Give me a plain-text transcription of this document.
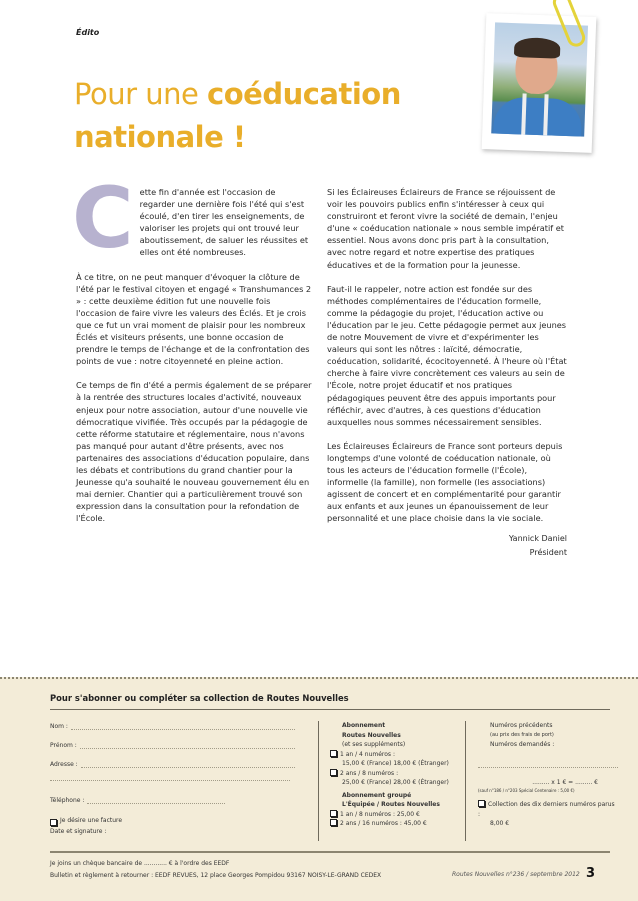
Édito
Pour une coéducation
nationale !

Cette fin d'année est l'occasion de regarder une dernière fois l'été qui s'est écoulé, d'en tirer les enseignements, de valoriser les projets qui ont trouvé leur aboutissement, de saluer les réussites et elles ont été nombreuses.

À ce titre, on ne peut manquer d'évoquer la clôture de l'été par le festival citoyen et engagé « Transhumances 2 » : cette deuxième édition fut une nouvelle fois l'occasion de faire vivre les valeurs des Éclés. Et je crois que ce fut un vrai moment de plaisir pour les nombreux Éclés et visiteurs présents, une bonne occasion de prendre le temps de l'échange et de la confrontation des points de vue : notre citoyenneté en pleine action.

Ce temps de fin d'été a permis également de se préparer à la rentrée des structures locales d'activité, nouveaux enjeux pour notre association, autour d'une nouvelle vie démocratique vivifiée. Très occupés par la pédagogie de cette réforme statutaire et réglementaire, nous n'avons pas manqué pour autant d'être présents, avec nos partenaires des associations d'éducation populaire, dans les débats et contributions du grand chantier pour la Jeunesse qu'a souhaité le nouveau gouvernement élu en mai dernier. Chantier qui a particulièrement trouvé son expression dans la consultation pour la refondation de l'École.

Si les Éclaireuses Éclaireurs de France se réjouissent de voir les pouvoirs publics enfin s'intéresser à ceux qui construiront et feront vivre la société de demain, l'enjeu d'une « coéducation nationale » nous semble impératif et essentiel. Nous avons donc pris part à la consultation, avec notre regard et notre expertise des pratiques éducatives et de la formation pour la jeunesse.

Faut-il le rappeler, notre action est fondée sur des méthodes complémentaires de l'éducation formelle, comme la pédagogie du projet, l'éducation active ou l'éducation par le jeu. Cette pédagogie permet aux jeunes de notre Mouvement de vivre et d'expérimenter les valeurs qui sont les nôtres : laïcité, démocratie, coéducation, solidarité, écocitoyenneté. À l'heure où l'État cherche à faire vivre concrètement ces valeurs au sein de l'École, notre projet éducatif et nos pratiques pédagogiques peuvent être des appuis importants pour réfléchir, avec d'autres, à ces questions d'éducation auxquelles nous sommes nécessairement sensibles.

Les Éclaireuses Éclaireurs de France sont porteurs depuis longtemps d'une volonté de coéducation nationale, où tous les acteurs de l'éducation formelle (l'École), informelle (la famille), non formelle (les associations) agissent de concert et en complémentarité pour garantir aux enfants et aux jeunes un épanouissement de leur personnalité et une place choisie dans la vie sociale.

Yannick Daniel
Président
Pour s'abonner ou compléter sa collection de Routes Nouvelles
Nom :
Prénom :
Adresse :
Téléphone :
Je désire une facture
Date et signature :
Abonnement
Routes Nouvelles
(et ses suppléments)
1 an / 4 numéros :
15,00 € (France) 18,00 € (Étranger)
2 ans / 8 numéros :
25,00 € (France) 28,00 € (Étranger)
Abonnement groupé
L'Équipée / Routes Nouvelles
1 an / 8 numéros : 25,00 €
2 ans / 16 numéros : 45,00 €
Numéros précédents
(au prix des frais de port)
Numéros demandés :
......... x 1 € = ......... €
(sauf n°186 / n°203 Spécial Centenaire : 5,00 €)
Collection des dix derniers numéros parus :
8,00 €
Je joins un chèque bancaire de ............ € à l'ordre des EEDF
Bulletin et règlement à retourner : EEDF REVUES, 12 place Georges Pompidou 93167 NOISY-LE-GRAND CEDEX	Routes Nouvelles n°236 / septembre 2012 3
